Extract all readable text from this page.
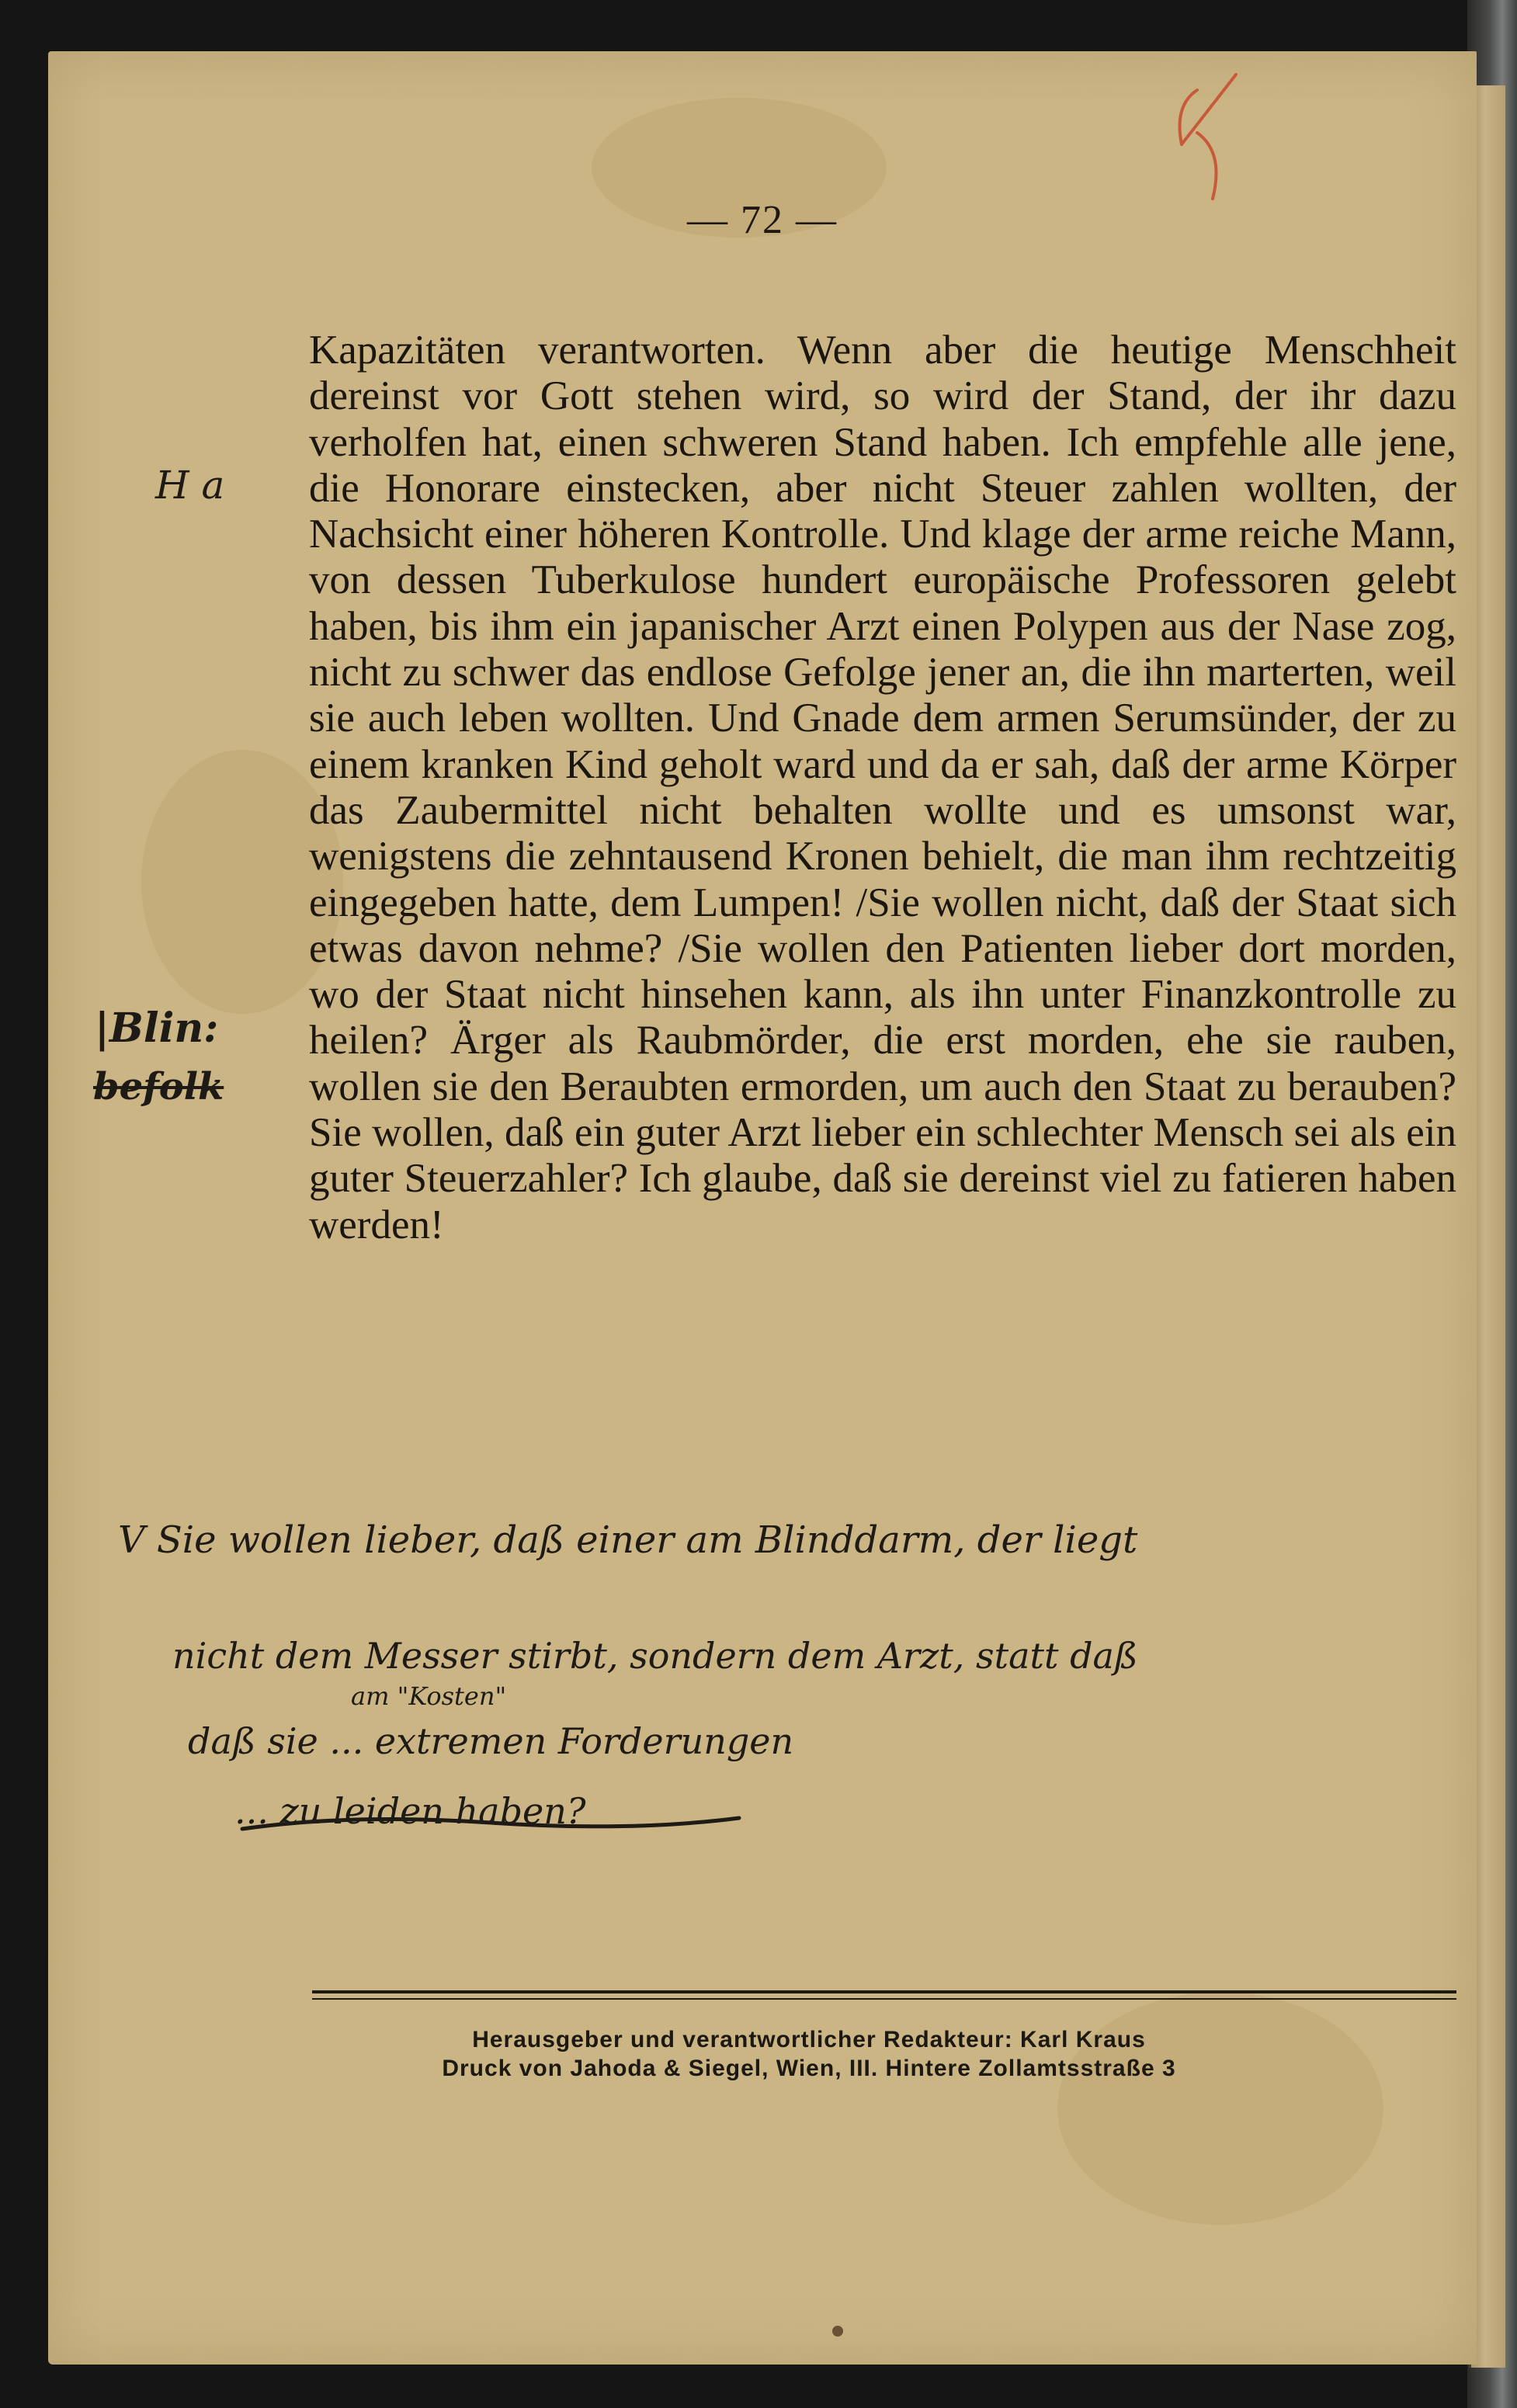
— 72 —

Kapazitäten verantworten. Wenn aber die heutige Menschheit dereinst vor Gott stehen wird, so wird der Stand, der ihr dazu verholfen hat, einen schweren Stand haben. Ich empfehle alle jene, die Honorare einstecken, aber nicht Steuer zahlen wollten, der Nachsicht einer höheren Kontrolle. Und klage der arme reiche Mann, von dessen Tuberkulose hundert europäische Professoren gelebt haben, bis ihm ein japanischer Arzt einen Polypen aus der Nase zog, nicht zu schwer das endlose Gefolge jener an, die ihn marterten, weil sie auch leben wollten. Und Gnade dem armen Serumsünder, der zu einem kranken Kind geholt ward und da er sah, daß der arme Körper das Zaubermittel nicht behalten wollte und es umsonst war, wenigstens die zehntausend Kronen behielt, die man ihm rechtzeitig eingegeben hatte, dem Lumpen! /Sie wollen nicht, daß der Staat sich etwas davon nehme? /Sie wollen den Patienten lieber dort morden, wo der Staat nicht hinsehen kann, als ihn unter Finanzkontrolle zu heilen? Ärger als Raubmörder, die erst morden, ehe sie rauben, wollen sie den Beraubten ermorden, um auch den Staat zu berauben? Sie wollen, daß ein guter Arzt lieber ein schlechter Mensch sei als ein guter Steuerzahler? Ich glaube, daß sie dereinst viel zu fatieren haben werden!

H a
|Blin:
befolk
V Sie wollen lieber, daß einer am Blinddarm, der liegt
nicht dem Messer stirbt, sondern dem Arzt, statt daß
am "Kosten"
daß sie ... extremen Forderungen
... zu leiden haben?
Herausgeber und verantwortlicher Redakteur: Karl Kraus
Druck von Jahoda & Siegel, Wien, III. Hintere Zollamtsstraße 3
